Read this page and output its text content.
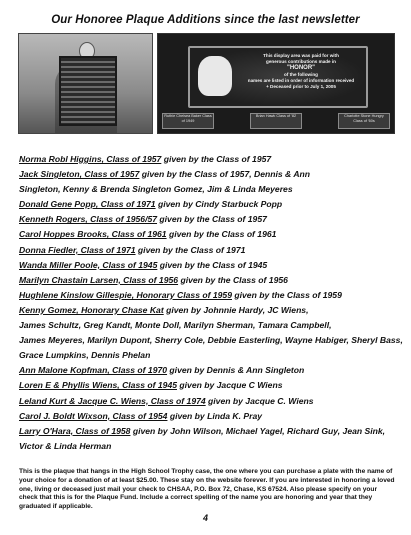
Our Honoree Plaque Additions since the last newsletter
This display area was paid for with
generous contributions made in
"HONOR"
of the following
names are listed in order of information received
+ Deceased prior to July 1, 2005
Ruthie Chelsea Baker Class of 1949
Brian Hawk Class of '82	Charlotte Stone Hungry Class of '60s
Norma Robl Higgins, Class of 1957 given by the Class of 1957
Jack Singleton, Class of 1957 given by the Class of 1957, Dennis & Ann
Singleton, Kenny & Brenda Singleton Gomez, Jim & Linda Meyeres
Donald Gene Popp, Class of 1971 given by Cindy Starbuck Popp
Kenneth Rogers, Class of 1956/57 given by the Class of 1957
Carol Hoppes Brooks, Class of 1961 given by the Class of 1961
Donna Fiedler, Class of 1971 given by the Class of 1971
Wanda Miller Poole, Class of 1945 given by the Class of 1945
Marilyn Chastain Larsen, Class of 1956 given by the Class of 1956
Hughlene Kinslow Gillespie, Honorary Class of 1959 given by the Class of 1959
Kenny Gomez, Honorary Chase Kat given by Johnnie Hardy, JC Wiens,
James Schultz, Greg Kandt, Monte Doll, Marilyn Sherman, Tamara Campbell,
James Meyeres, Marilyn Dupont, Sherry Cole, Debbie Easterling, Wayne Habiger, Sheryl Bass,
Grace Lumpkins, Dennis Phelan
Ann Malone Kopfman, Class of 1970 given by Dennis & Ann Singleton
Loren E & Phyllis Wiens, Class of 1945 given by Jacque C Wiens
Leland Kurt & Jacque C. Wiens, Class of 1974 given by Jacque C. Wiens
Carol J. Boldt Wixson, Class of 1954 given by Linda K. Pray
Larry O'Hara, Class of 1958 given by John Wilson, Michael Yagel, Richard Guy, Jean Sink,
Victor & Linda Herman

This is the plaque that hangs in the High School Trophy case, the one where you can purchase a plate with the name of your choice for a donation of at least $25.00. These stay on the website forever. If you are interested in honoring a loved one, living or deceased just mail your check to CHSAA, P.O. Box 72, Chase, KS 67524. Also please specify on your check that this is for the Plaque Fund. Include a correct spelling of the name you are honoring and year that they graduated if applicable.

4
